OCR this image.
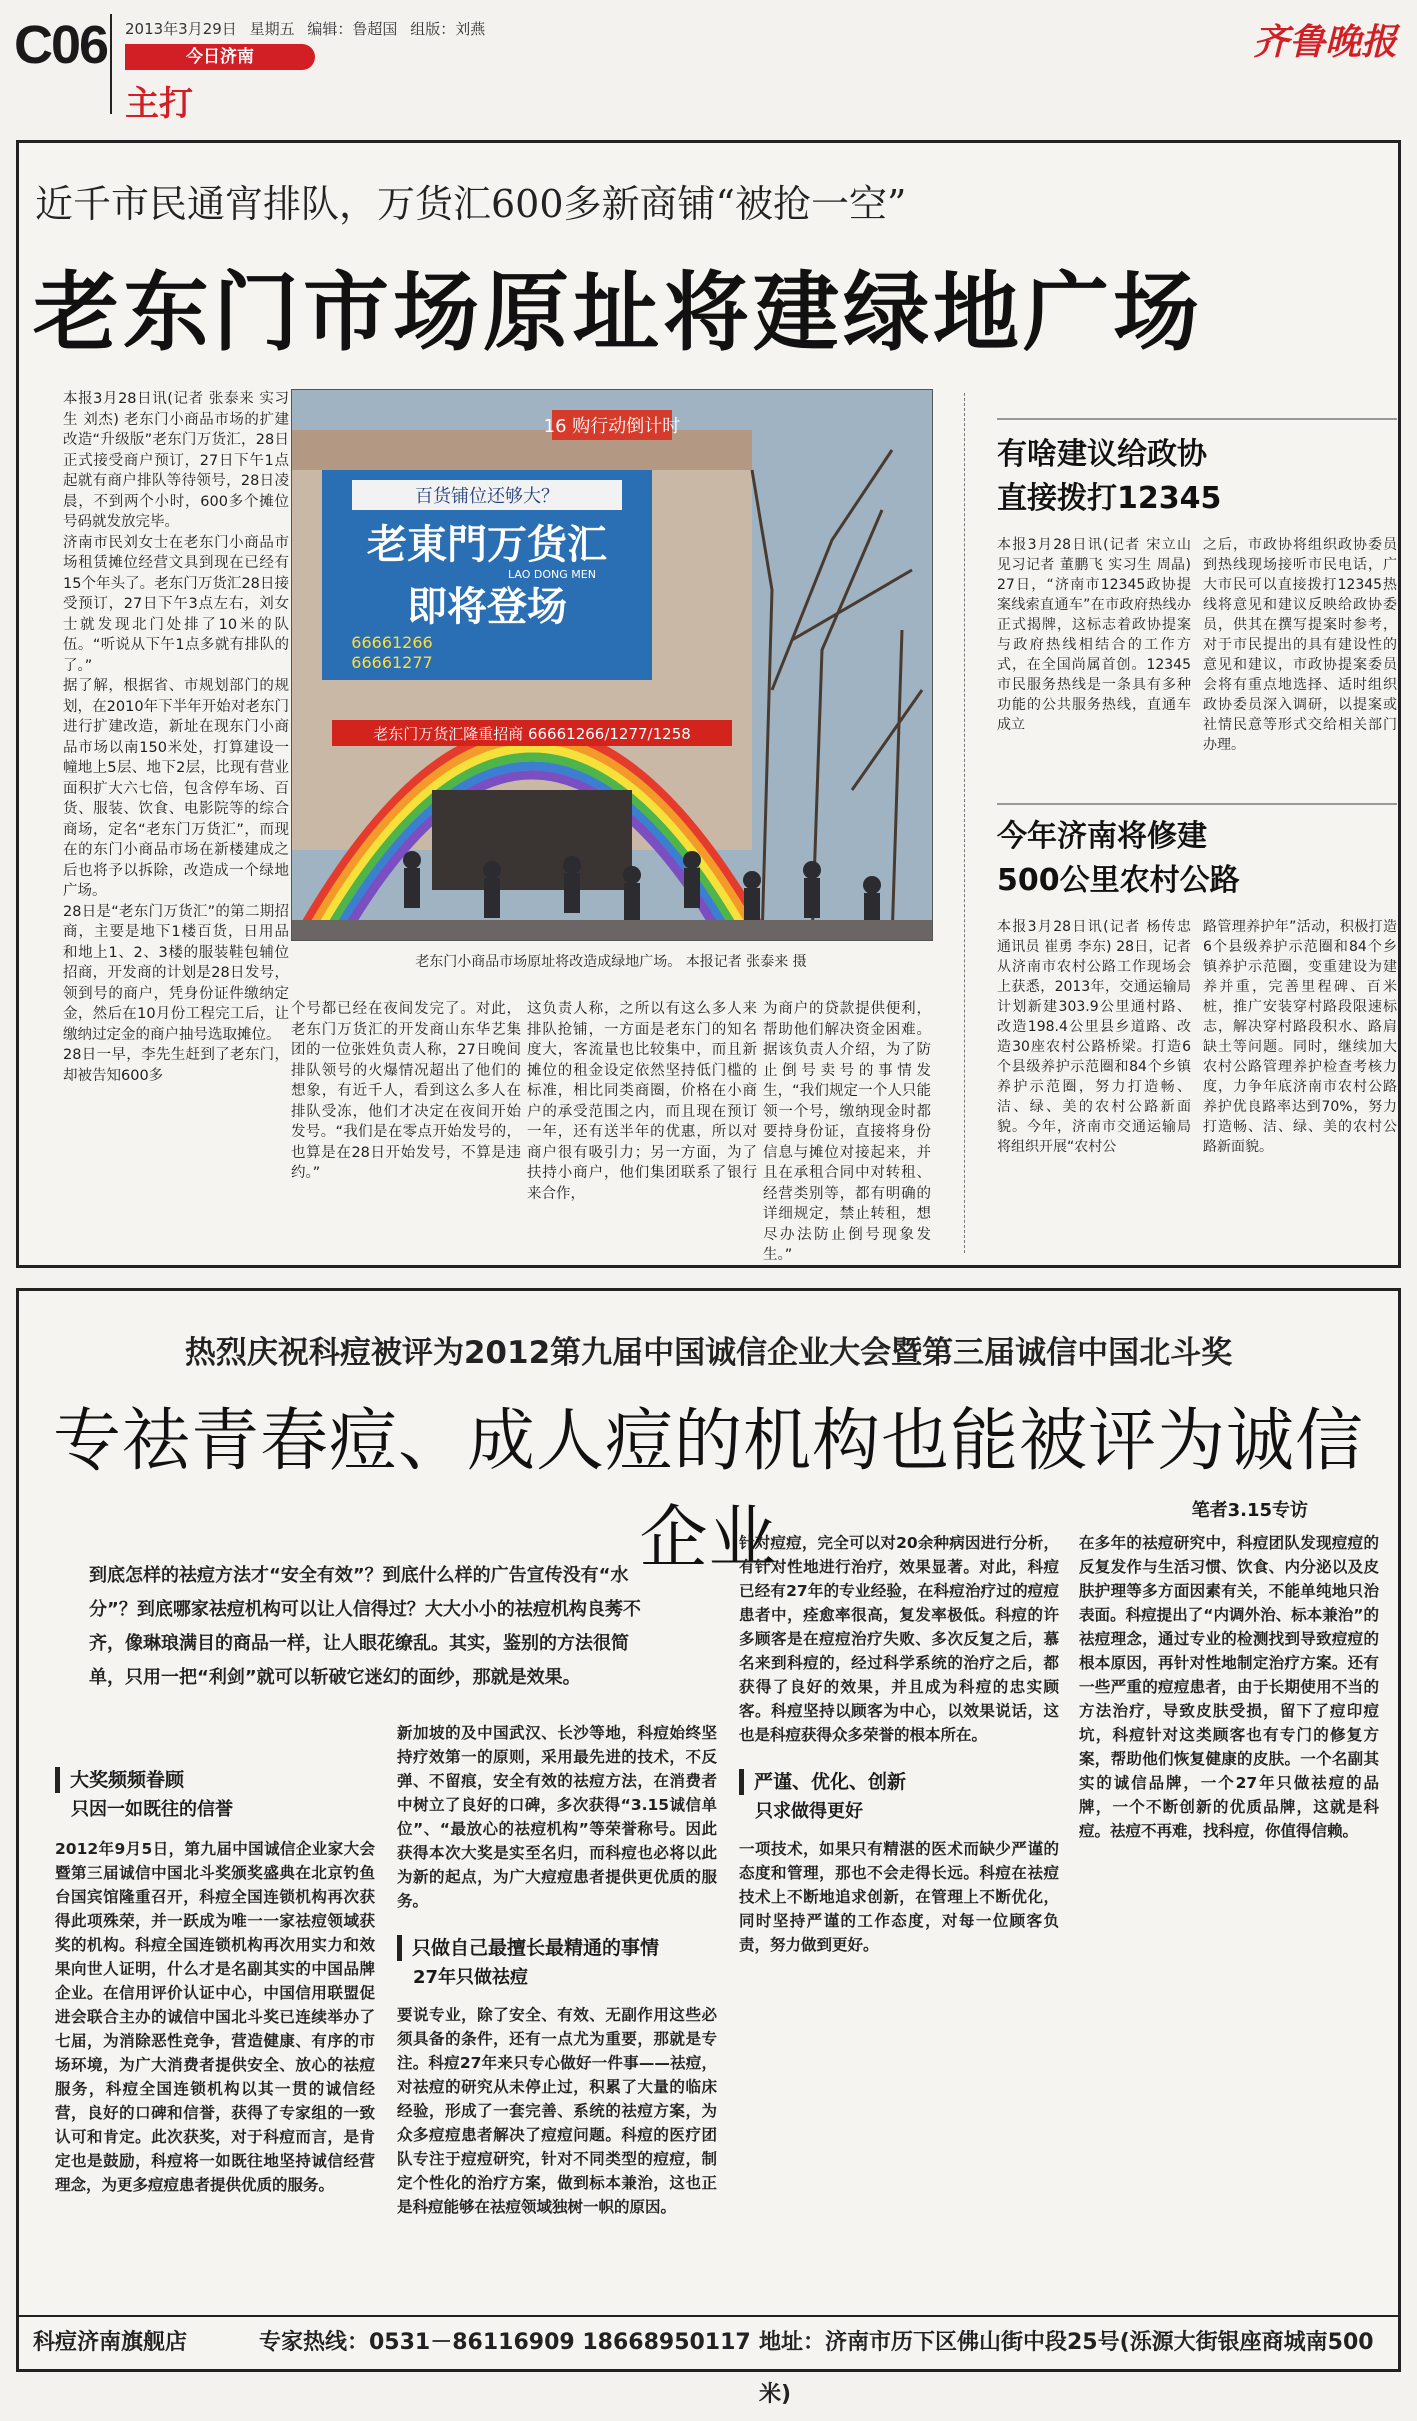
C06 2013年3月29日 星期五 编辑：鲁超国 组版：刘燕
今日济南
主打
齐鲁晚报
近千市民通宵排队，万货汇600多新商铺“被抢一空”
老东门市场原址将建绿地广场

本报3月28日讯(记者 张泰来 实习生 刘杰) 老东门小商品市场的扩建改造“升级版”老东门万货汇，28日正式接受商户预订，27日下午1点起就有商户排队等待领号，28日凌晨，不到两个小时，600多个摊位号码就发放完毕。

济南市民刘女士在老东门小商品市场租赁摊位经营文具到现在已经有15个年头了。老东门万货汇28日接受预订，27日下午3点左右，刘女士就发现北门处排了10米的队伍。“听说从下午1点多就有排队的了。”

据了解，根据省、市规划部门的规划，在2010年下半年开始对老东门进行扩建改造，新址在现东门小商品市场以南150米处，打算建设一幢地上5层、地下2层，比现有营业面积扩大六七倍，包含停车场、百货、服装、饮食、电影院等的综合商场，定名“老东门万货汇”，而现在的东门小商品市场在新楼建成之后也将予以拆除，改造成一个绿地广场。

28日是“老东门万货汇”的第二期招商，主要是地下1楼百货，日用品和地上1、2、3楼的服装鞋包辅位招商，开发商的计划是28日发号，领到号的商户，凭身份证件缴纳定金，然后在10月份工程完工后，让缴纳过定金的商户抽号选取摊位。

28日一早，李先生赶到了老东门，却被告知600多

16 购行动倒计时
百货铺位还够大？
老東門万货汇
LAO DONG MEN
即将登场
66661266
66661277
老东门万货汇隆重招商 66661266/1277/1258
老东门小商品市场原址将改造成绿地广场。 本报记者 张泰来 摄
个号都已经在夜间发完了。对此，老东门万货汇的开发商山东华艺集团的一位张姓负责人称，27日晚间排队领号的火爆情况超出了他们的想象，有近千人，看到这么多人在排队受冻，他们才决定在夜间开始发号。“我们是在零点开始发号的，也算是在28日开始发号，不算是违约。”
这负责人称，之所以有这么多人来排队抢铺，一方面是老东门的知名度大，客流量也比较集中，而且新摊位的租金设定依然坚持低门槛的标准，相比同类商圈，价格在小商户的承受范围之内，而且现在预订一年，还有送半年的优惠，所以对商户很有吸引力；另一方面，为了扶持小商户，他们集团联系了银行来合作，
为商户的贷款提供便利，帮助他们解决资金困难。据该负责人介绍，为了防止倒号卖号的事情发生，“我们规定一个人只能领一个号，缴纳现金时都要持身份证，直接将身份信息与摊位对接起来，并且在承租合同中对转租、经营类别等，都有明确的详细规定，禁止转租，想尽办法防止倒号现象发生。”
有啥建议给政协
直接拨打12345
本报3月28日讯(记者 宋立山 见习记者 董鹏飞 实习生 周晶) 27日，“济南市12345政协提案线索直通车”在市政府热线办正式揭牌，这标志着政协提案与政府热线相结合的工作方式，在全国尚属首创。12345市民服务热线是一条具有多种功能的公共服务热线，直通车成立
之后，市政协将组织政协委员到热线现场接听市民电话，广大市民可以直接拨打12345热线将意见和建议反映给政协委员，供其在撰写提案时参考，对于市民提出的具有建设性的意见和建议，市政协提案委员会将有重点地选择、适时组织政协委员深入调研，以提案或社情民意等形式交给相关部门办理。
今年济南将修建
500公里农村公路
本报3月28日讯(记者 杨传忠 通讯员 崔勇 李东) 28日，记者从济南市农村公路工作现场会上获悉，2013年，交通运输局计划新建303.9公里通村路、改造198.4公里县乡道路、改造30座农村公路桥梁。打造6个县级养护示范圈和84个乡镇养护示范圈，努力打造畅、洁、绿、美的农村公路新面貌。今年，济南市交通运输局将组织开展“农村公
路管理养护年”活动，积极打造6个县级养护示范圈和84个乡镇养护示范圈，变重建设为建养并重，完善里程碑、百米桩，推广安装穿村路段限速标志，解决穿村路段积水、路肩缺土等问题。同时，继续加大农村公路管理养护检查考核力度，力争年底济南市农村公路养护优良路率达到70%，努力打造畅、洁、绿、美的农村公路新面貌。
热烈庆祝科痘被评为2012第九届中国诚信企业大会暨第三届诚信中国北斗奖
专祛青春痘、成人痘的机构也能被评为诚信企业	笔者3.15专访
到底怎样的祛痘方法才“安全有效”？到底什么样的广告宣传没有“水分”？到底哪家祛痘机构可以让人信得过？大大小小的祛痘机构良莠不齐，像琳琅满目的商品一样，让人眼花缭乱。其实，鉴别的方法很简单，只用一把“利剑”就可以斩破它迷幻的面纱，那就是效果。
大奖频频眷顾
只因一如既往的信誉
2012年9月5日，第九届中国诚信企业家大会暨第三届诚信中国北斗奖颁奖盛典在北京钓鱼台国宾馆隆重召开，科痘全国连锁机构再次获得此项殊荣，并一跃成为唯一一家祛痘领域获奖的机构。科痘全国连锁机构再次用实力和效果向世人证明，什么才是名副其实的中国品牌企业。在信用评价认证中心，中国信用联盟促进会联合主办的诚信中国北斗奖已连续举办了七届，为消除恶性竞争，营造健康、有序的市场环境，为广大消费者提供安全、放心的祛痘服务，科痘全国连锁机构以其一贯的诚信经营，良好的口碑和信誉，获得了专家组的一致认可和肯定。此次获奖，对于科痘而言，是肯定也是鼓励，科痘将一如既往地坚持诚信经营理念，为更多痘痘患者提供优质的服务。
新加坡的及中国武汉、长沙等地，科痘始终坚持疗效第一的原则，采用最先进的技术，不反弹、不留痕，安全有效的祛痘方法，在消费者中树立了良好的口碑，多次获得“3.15诚信单位”、“最放心的祛痘机构”等荣誉称号。因此获得本次大奖是实至名归，而科痘也必将以此为新的起点，为广大痘痘患者提供更优质的服务。
只做自己最擅长最精通的事情
27年只做祛痘
要说专业，除了安全、有效、无副作用这些必须具备的条件，还有一点尤为重要，那就是专注。科痘27年来只专心做好一件事——祛痘，对祛痘的研究从未停止过，积累了大量的临床经验，形成了一套完善、系统的祛痘方案，为众多痘痘患者解决了痘痘问题。科痘的医疗团队专注于痘痘研究，针对不同类型的痘痘，制定个性化的治疗方案，做到标本兼治，这也正是科痘能够在祛痘领域独树一帜的原因。
针对痘痘，完全可以对20余种病因进行分析，有针对性地进行治疗，效果显著。对此，科痘已经有27年的专业经验，在科痘治疗过的痘痘患者中，痊愈率很高，复发率极低。科痘的许多顾客是在痘痘治疗失败、多次反复之后，慕名来到科痘的，经过科学系统的治疗之后，都获得了良好的效果，并且成为科痘的忠实顾客。科痘坚持以顾客为中心，以效果说话，这也是科痘获得众多荣誉的根本所在。
严谨、优化、创新
只求做得更好
一项技术，如果只有精湛的医术而缺少严谨的态度和管理，那也不会走得长远。科痘在祛痘技术上不断地追求创新，在管理上不断优化，同时坚持严谨的工作态度，对每一位顾客负责，努力做到更好。
在多年的祛痘研究中，科痘团队发现痘痘的反复发作与生活习惯、饮食、内分泌以及皮肤护理等多方面因素有关，不能单纯地只治表面。科痘提出了“内调外治、标本兼治”的祛痘理念，通过专业的检测找到导致痘痘的根本原因，再针对性地制定治疗方案。还有一些严重的痘痘患者，由于长期使用不当的方法治疗，导致皮肤受损，留下了痘印痘坑，科痘针对这类顾客也有专门的修复方案，帮助他们恢复健康的皮肤。一个名副其实的诚信品牌，一个27年只做祛痘的品牌，一个不断创新的优质品牌，这就是科痘。祛痘不再难，找科痘，你值得信赖。
科痘济南旗舰店	专家热线：0531－86116909 18668950117 地址：济南市历下区佛山街中段25号(泺源大街银座商城南500米)
